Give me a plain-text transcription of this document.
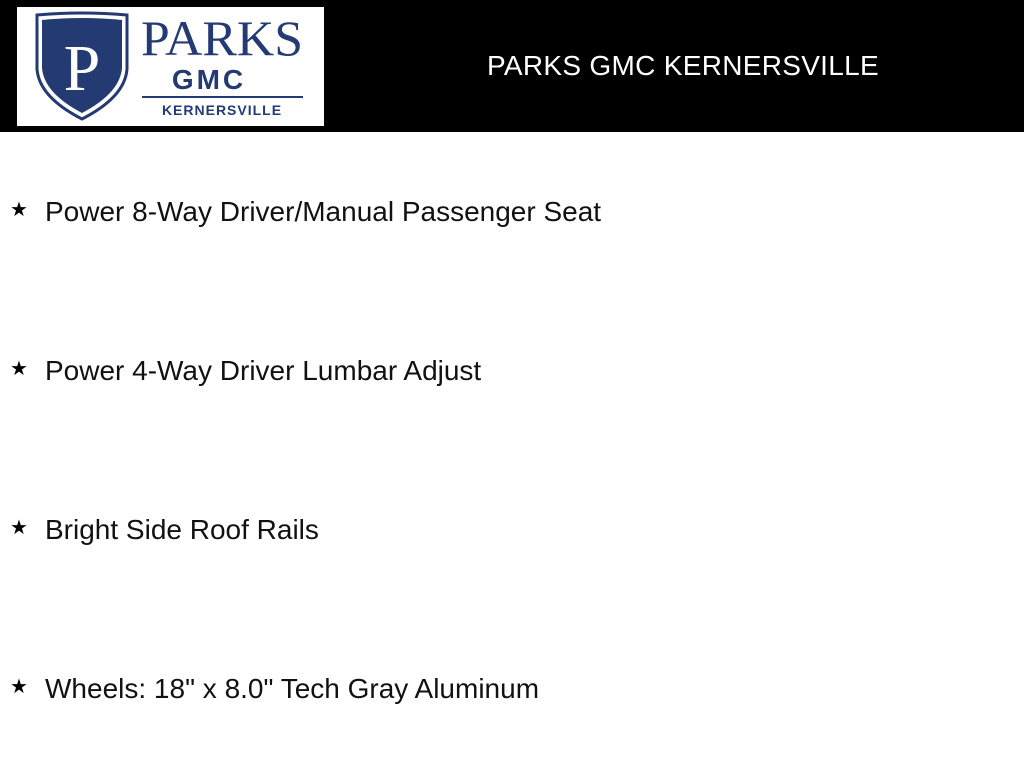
P PARKS
GMC
KERNERSVILLE
PARKS GMC KERNERSVILLE
★ Power 8-Way Driver/Manual Passenger Seat
★ Power 4-Way Driver Lumbar Adjust
★ Bright Side Roof Rails
★ Wheels: 18" x 8.0" Tech Gray Aluminum
